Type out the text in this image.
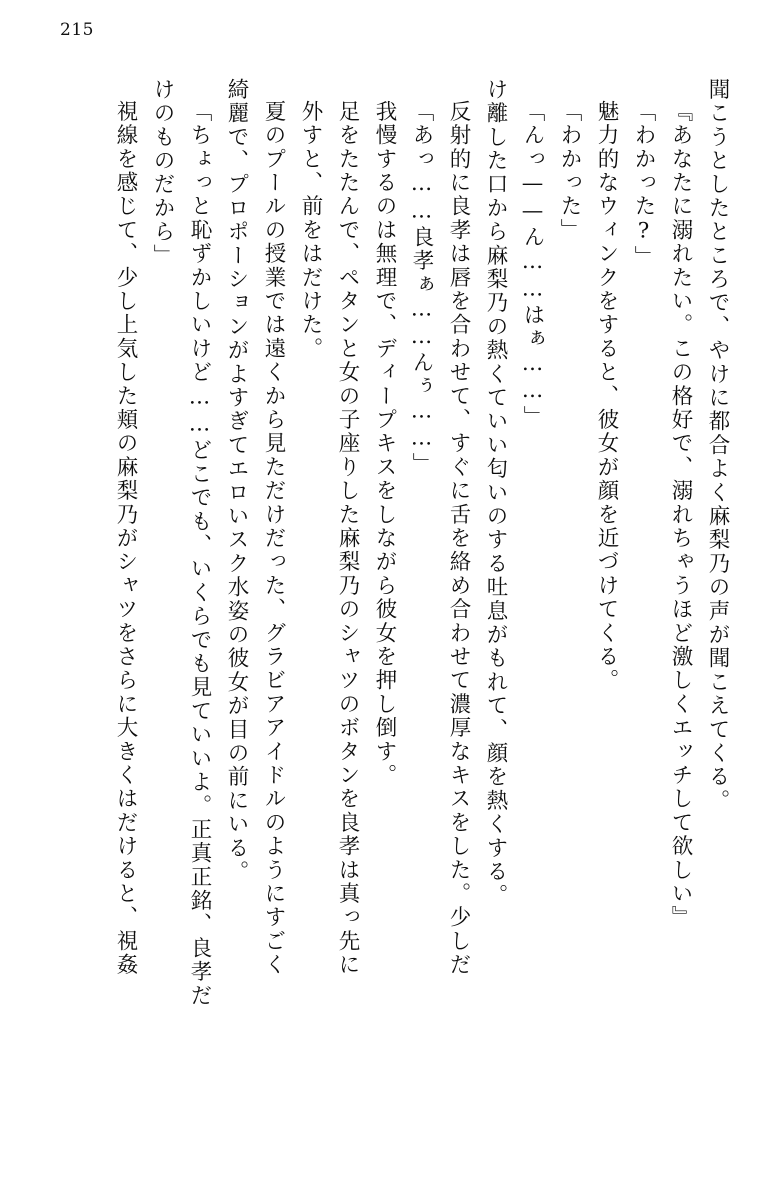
215
聞こうとしたところで、やけに都合よく麻梨乃の声が聞こえてくる。
『あなたに溺れたい。この格好で、溺れちゃうほど激しくエッチして欲しい』
「わかった?」
魅力的なウィンクをすると、彼女が顔を近づけてくる。
「わかった」
「んっ——ん……はぁ……」
け離した口から麻梨乃の熱くていい匂いのする吐息がもれて、顔を熱くする。
反射的に良孝は唇を合わせて、すぐに舌を絡め合わせて濃厚なキスをした。少しだ
「あっ……良孝ぁ……んぅ……」
我慢するのは無理で、ディープキスをしながら彼女を押し倒す。
足をたたんで、ペタンと女の子座りした麻梨乃のシャツのボタンを良孝は真っ先に
外すと、前をはだけた。
夏のプールの授業では遠くから見ただけだった、グラビアアイドルのようにすごく
綺麗で、プロポーションがよすぎてエロいスク水姿の彼女が目の前にいる。
「ちょっと恥ずかしいけど……どこでも、いくらでも見ていいよ。正真正銘、良孝だ
けのものだから」
視線を感じて、少し上気した頬の麻梨乃がシャツをさらに大きくはだけると、視姦
